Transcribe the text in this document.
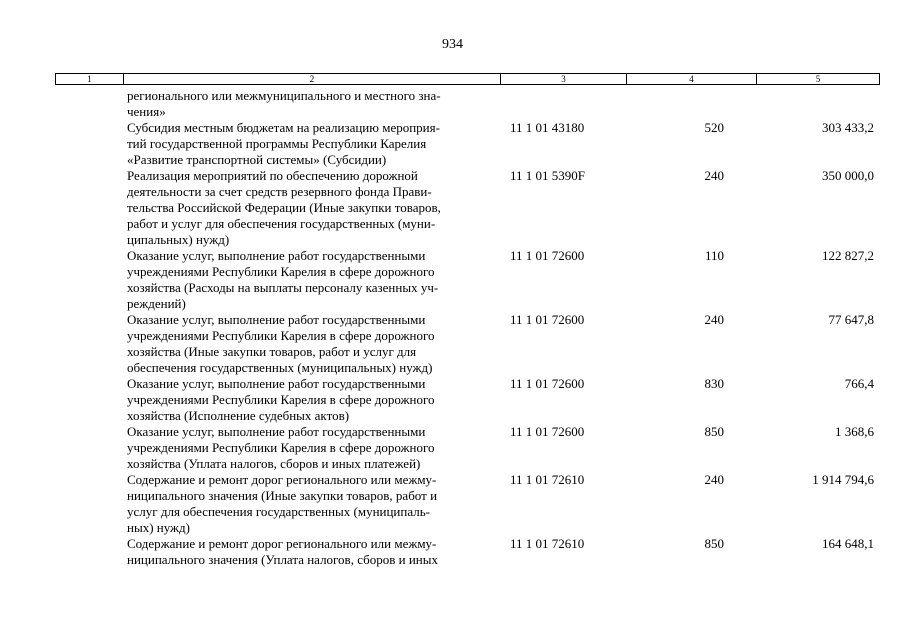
934
1	2	3	4	5
регионального или межмуниципального и местного зна-
чения»
Субсидия местным бюджетам на реализацию мероприя-
тий государственной программы Республики Карелия
«Развитие транспортной системы» (Субсидии)
11 1 01 43180	520	303 433,2
Реализация мероприятий по обеспечению дорожной
деятельности за счет средств резервного фонда Прави-
тельства Российской Федерации (Иные закупки товаров,
работ и услуг для обеспечения государственных (муни-
ципальных) нужд)
11 1 01 5390F	240	350 000,0
Оказание услуг, выполнение работ государственными
учреждениями Республики Карелия в сфере дорожного
хозяйства (Расходы на выплаты персоналу казенных уч-
реждений)
11 1 01 72600	110	122 827,2
Оказание услуг, выполнение работ государственными
учреждениями Республики Карелия в сфере дорожного
хозяйства (Иные закупки товаров, работ и услуг для
обеспечения государственных (муниципальных) нужд)
11 1 01 72600	240	77 647,8
Оказание услуг, выполнение работ государственными
учреждениями Республики Карелия в сфере дорожного
хозяйства (Исполнение судебных актов)
11 1 01 72600	830	766,4
Оказание услуг, выполнение работ государственными
учреждениями Республики Карелия в сфере дорожного
хозяйства (Уплата налогов, сборов и иных платежей)
11 1 01 72600	850	1 368,6
Содержание и ремонт дорог регионального или межму-
ниципального значения (Иные закупки товаров, работ и
услуг для обеспечения государственных (муниципаль-
ных) нужд)
11 1 01 72610	240	1 914 794,6
Содержание и ремонт дорог регионального или межму-
ниципального значения (Уплата налогов, сборов и иных
11 1 01 72610	850	164 648,1
